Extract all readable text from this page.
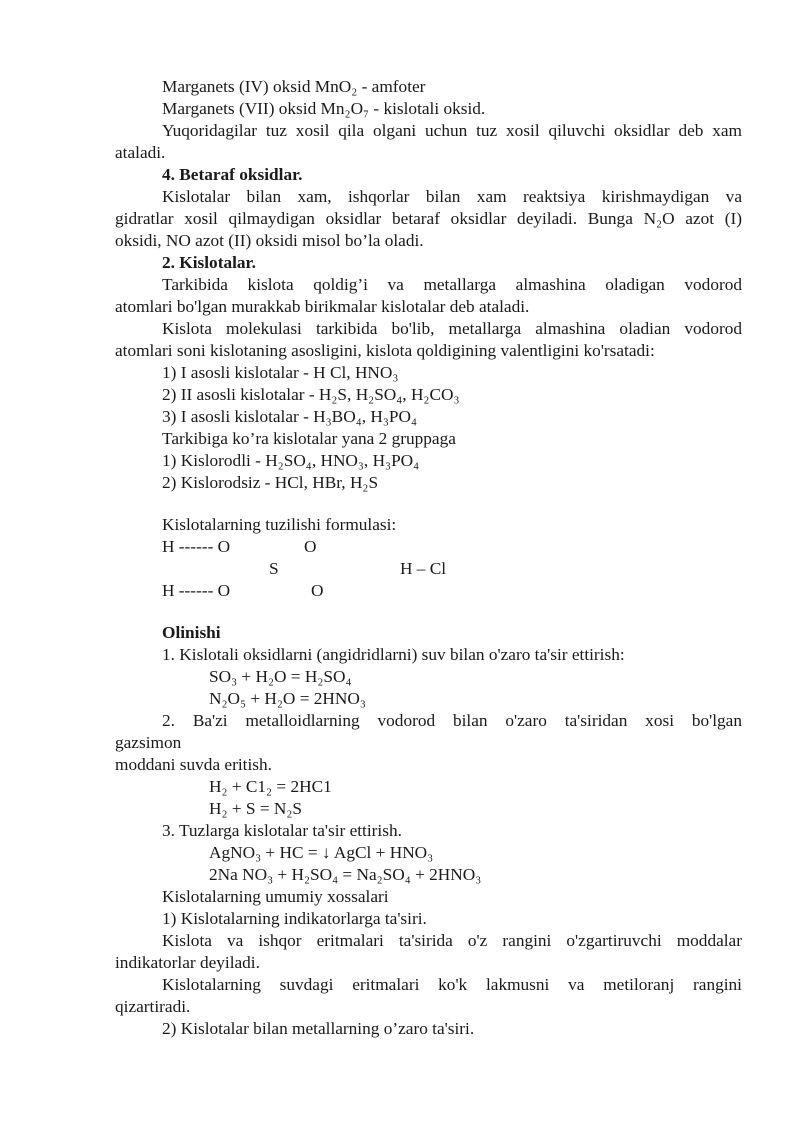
Marganets (IV) oksid MnO₂ - amfoter
Marganets (VII) oksid Mn₂O₇ - kislotali oksid.
Yuqoridagilar tuz xosil qila olgani uchun tuz xosil qiluvchi oksidlar deb xam
ataladi.
4. Betaraf oksidlar.
Kislotalar bilan xam, ishqorlar bilan xam reaktsiya kirishmaydigan va
gidratlar xosil qilmaydigan oksidlar betaraf oksidlar deyiladi. Bunga N₂O azot (I)
oksidi, NO azot (II) oksidi misol bo’la oladi.
2. Kislotalar.
Tarkibida kislota qoldig’i va metallarga almashina oladigan vodorod
atomlari bo'lgan murakkab birikmalar kislotalar deb ataladi.
Kislota molekulasi tarkibida bo'lib, metallarga almashina oladian vodorod
atomlari soni kislotaning asosligini, kislota qoldigining valentligini ko'rsatadi:
1) I asosli kislotalar - H Cl, HNO₃
2) II asosli kislotalar - H₂S, H₂SO₄, H₂CO₃
3) I asosli kislotalar - H₃BO₄, H₃PO₄
Tarkibiga ko’ra kislotalar yana 2 gruppaga
1) Kislorodli - H₂SO₄, HNO₃, H₃PO₄
2) Kislorodsiz - HCl, HBr, H₂S
Kislotalarning tuzilishi formulasi:
H ------ O	O
S	H – Cl
H ------ O	O
Olinishi
1. Kislotali oksidlarni (angidridlarni) suv bilan o'zaro ta'sir ettirish:
SO₃ + H₂O = H₂SO₄
N₂O₅ + H₂O = 2HNO₃
2. Ba'zi metalloidlarning vodorod bilan o'zaro ta'siridan xosi bo'lgan
gazsimon
moddani suvda eritish.
H₂ + C1₂ = 2HC1
H₂ + S = N₂S
3. Tuzlarga kislotalar ta'sir ettirish.
AgNO₃ + HC = ↓ AgCl + HNO₃
2Na NO₃ + H₂SO₄ = Na₂SO₄ + 2HNO₃
Kislotalarning umumiy xossalari
1) Kislotalarning indikatorlarga ta'siri.
Kislota va ishqor eritmalari ta'sirida o'z rangini o'zgartiruvchi moddalar
indikatorlar deyiladi.
Kislotalarning suvdagi eritmalari ko'k lakmusni va metiloranj rangini
qizartiradi.
2) Kislotalar bilan metallarning o’zaro ta'siri.
